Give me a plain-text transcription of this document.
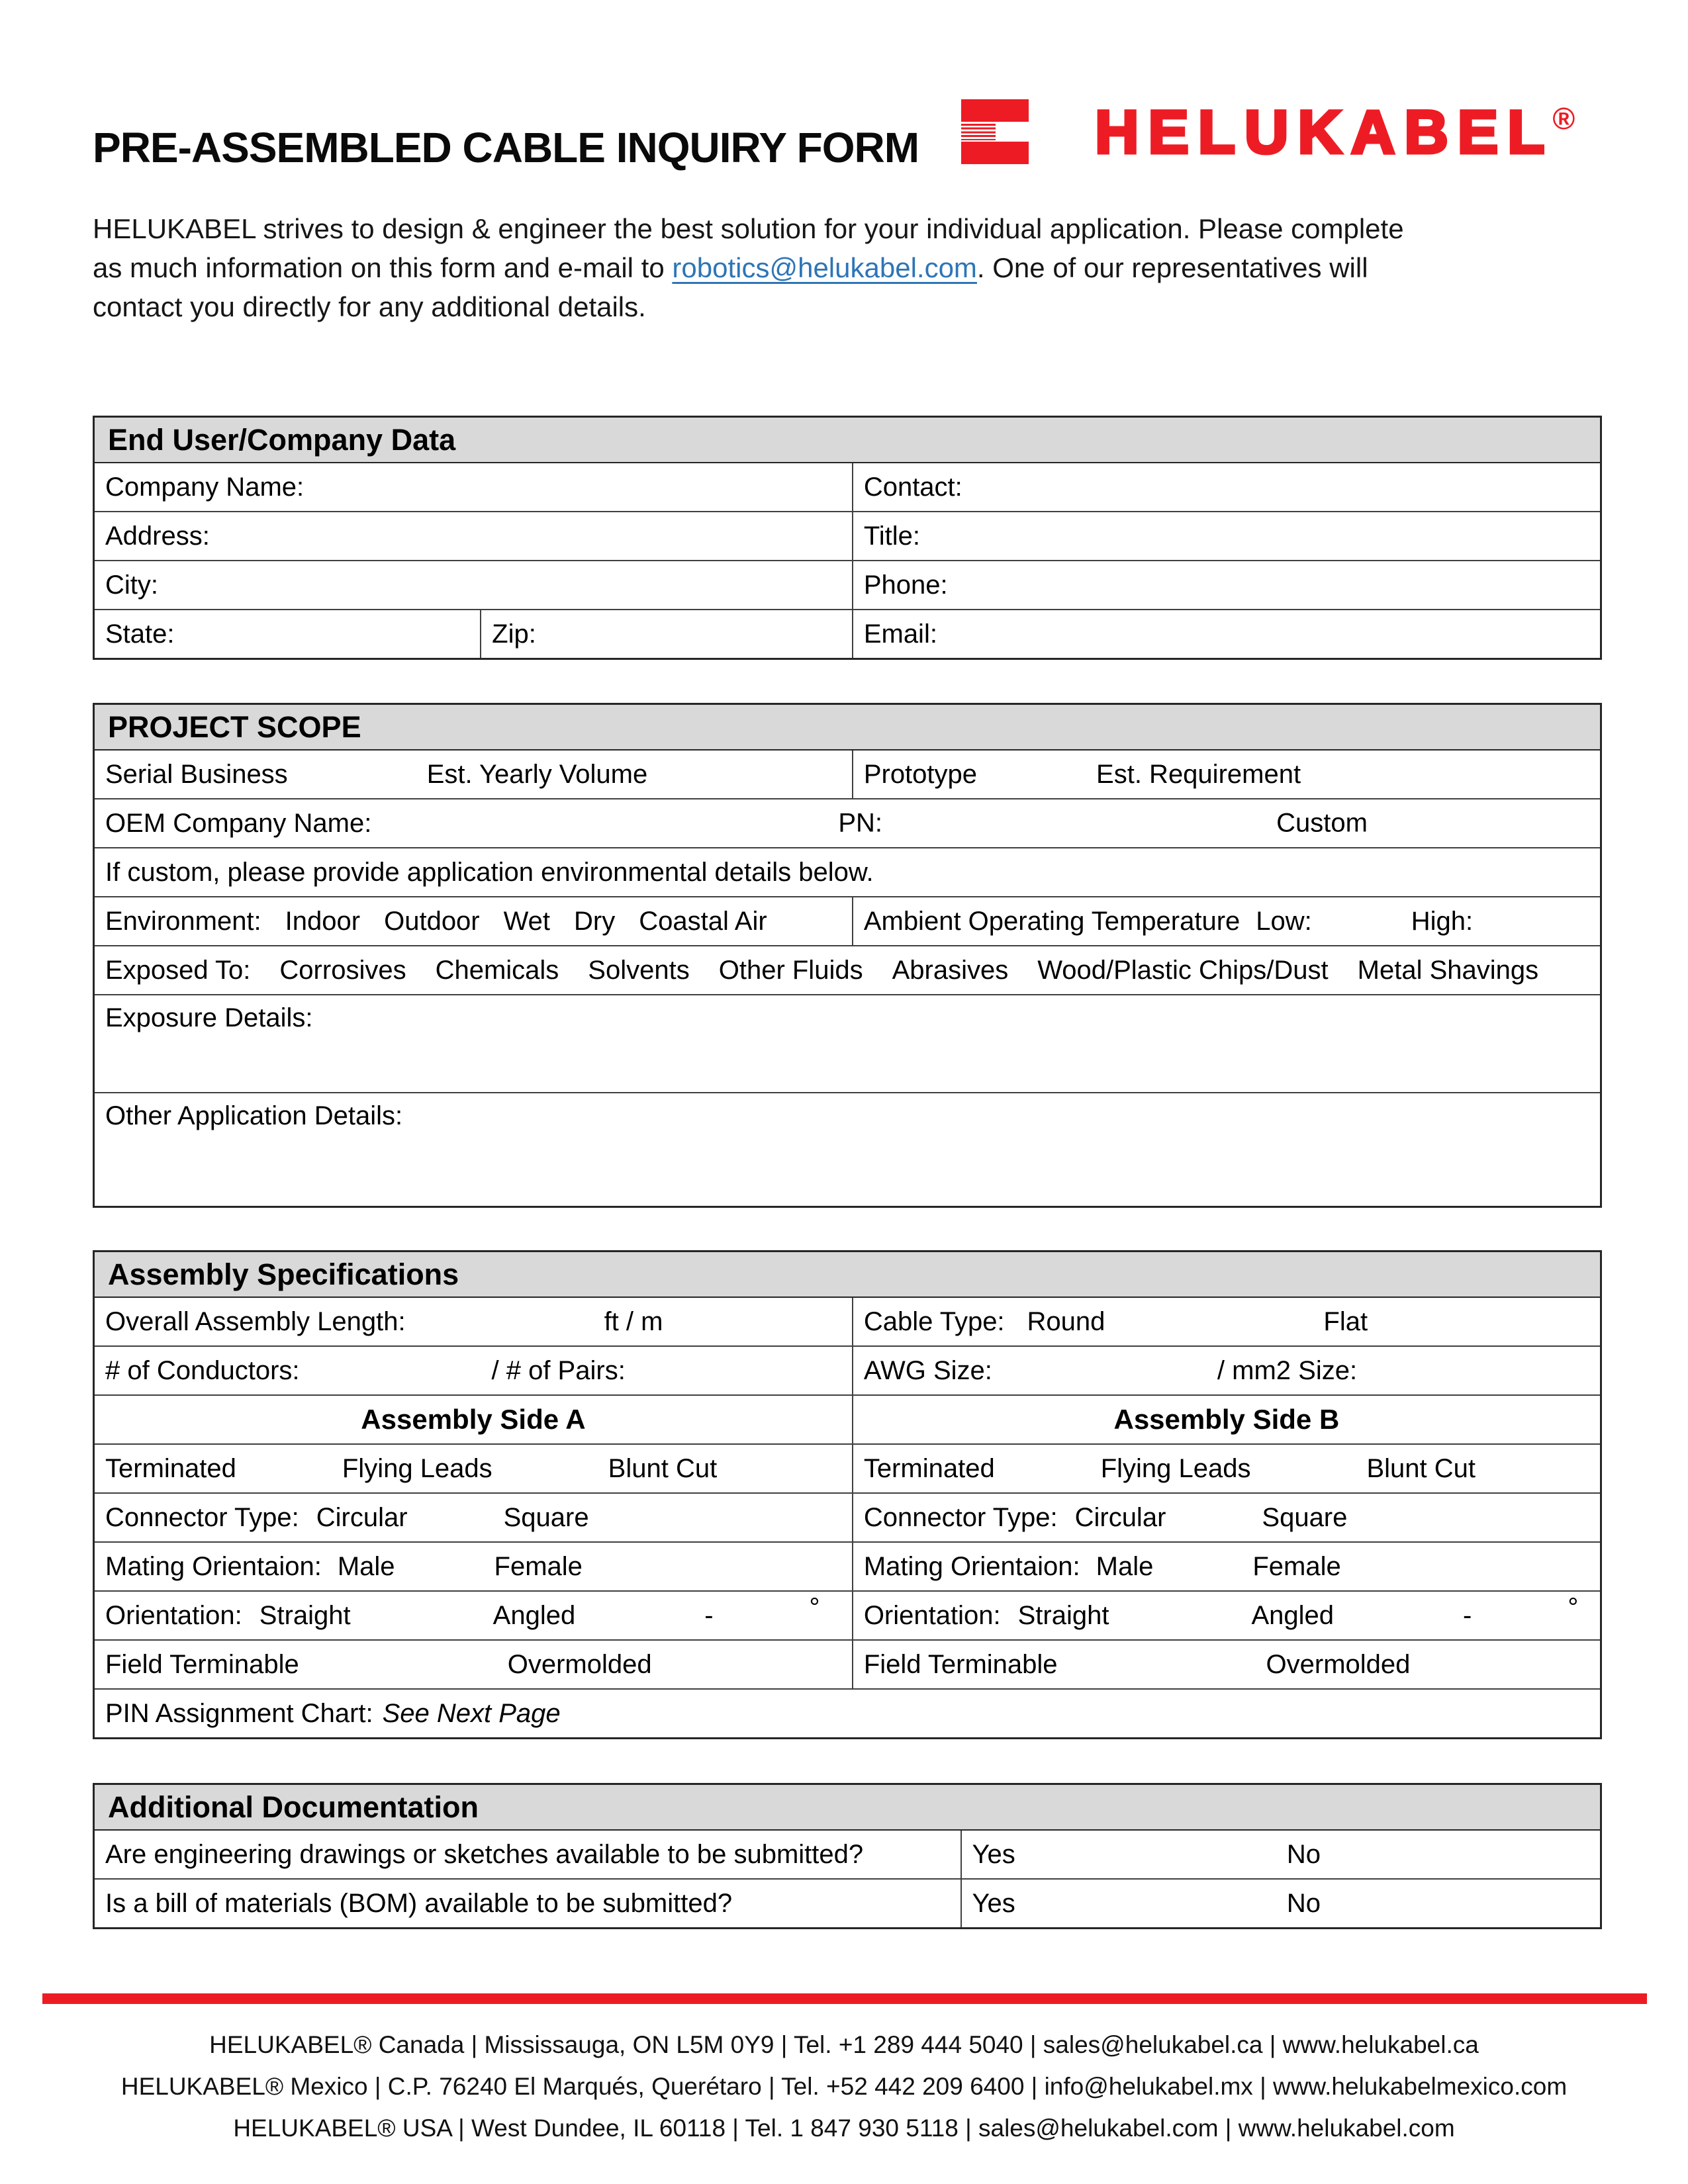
PRE-ASSEMBLED CABLE INQUIRY FORM	HELUKABEL
®

HELUKABEL strives to design & engineer the best solution for your individual application. Please complete
as much information on this form and e-mail to robotics@helukabel.com. One of our representatives will
contact you directly for any additional details.

End User/Company Data
Company Name:	Contact:
Address:	Title:
City:	Phone:
State:	Zip:	Email:
PROJECT SCOPE
Serial Business	Est. Yearly Volume	Prototype	Est. Requirement
OEM Company Name:	PN:	Custom
If custom, please provide application environmental details below.
Environment: Indoor Outdoor Wet Dry Coastal Air	Ambient Operating Temperature Low:	High:
Exposed To: Corrosives Chemicals Solvents Other Fluids Abrasives Wood/Plastic Chips/Dust Metal Shavings
Exposure Details:
Other Application Details:
Assembly Specifications
Overall Assembly Length:	ft / m	Cable Type: Round	Flat
# of Conductors:	/ # of Pairs:	AWG Size:	/ mm2 Size:
Assembly Side A	Assembly Side B
Terminated	Flying Leads	Blunt Cut	Terminated	Flying Leads	Blunt Cut
Connector Type: Circular	Square	Connector Type: Circular	Square
Mating Orientaion: Male	Female	Mating Orientaion: Male	Female
Orientation: Straight	Angled	-	° Orientation: Straight	Angled	-	°
Field Terminable	Overmolded	Field Terminable	Overmolded
PIN Assignment Chart: See Next Page
Additional Documentation
Are engineering drawings or sketches available to be submitted?	Yes	No
Is a bill of materials (BOM) available to be submitted?	Yes	No
HELUKABEL® Canada | Mississauga, ON L5M 0Y9 | Tel. +1 289 444 5040 | sales@helukabel.ca | www.helukabel.ca
HELUKABEL® Mexico | C.P. 76240 El Marqués, Querétaro | Tel. +52 442 209 6400 | info@helukabel.mx | www.helukabelmexico.com
HELUKABEL® USA | West Dundee, IL 60118 | Tel. 1 847 930 5118 | sales@helukabel.com | www.helukabel.com
